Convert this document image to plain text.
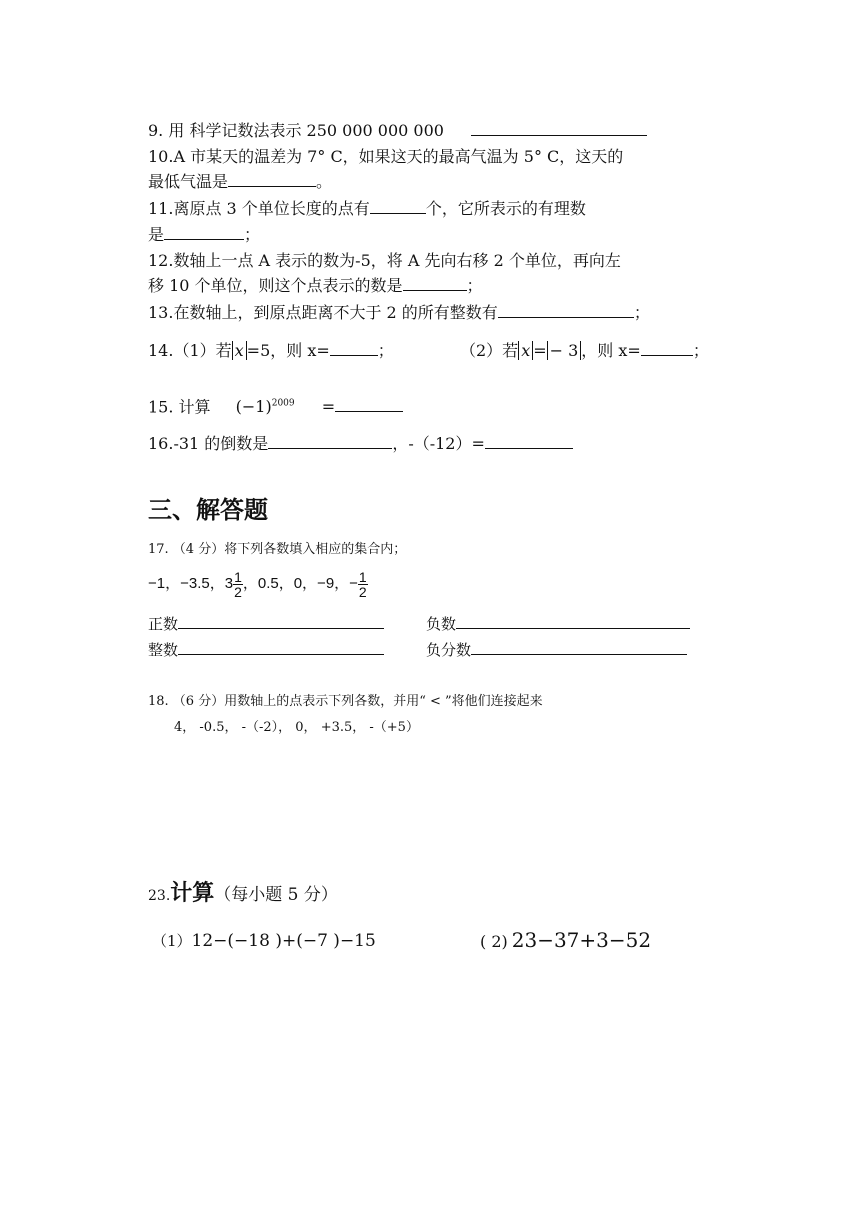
9. 用 科学记数法表示 250 000 000 000
10.A 市某天的温差为 7° C，如果这天的最高气温为 5° C，这天的
最低气温是	。
11.离原点 3 个单位长度的点有	个，它所表示的有理数
是	；
12.数轴上一点 A 表示的数为-5，将 A 先向右移 2 个单位，再向左
移 10 个单位，则这个点表示的数是	；
13.在数轴上，到原点距离不大于 2 的所有整数有	；
14.（1）若 x =5，则 x=	；	（2）若 x = − 3 ，则 x=	；
15. 计算 $(-1)^{2009}$ =
16.-31 的倒数是	，-（-12）=
三、解答题
17. （4 分）将下列各数填入相应的集合内；
−1，−3.5，$3 \frac{1}{2}$ ，0.5，0，−9，− $\frac{1}{2}$
正数	负数
整数	负分数
18. （6 分）用数轴上的点表示下列各数，并用“ < ”将他们连接起来
4， -0.5， -（-2）， 0， +3.5， -（+5）
23.计算（每小题 5 分）
（1）12−(−18 )+(−7 )−15	( 2) 23−37+3−52
